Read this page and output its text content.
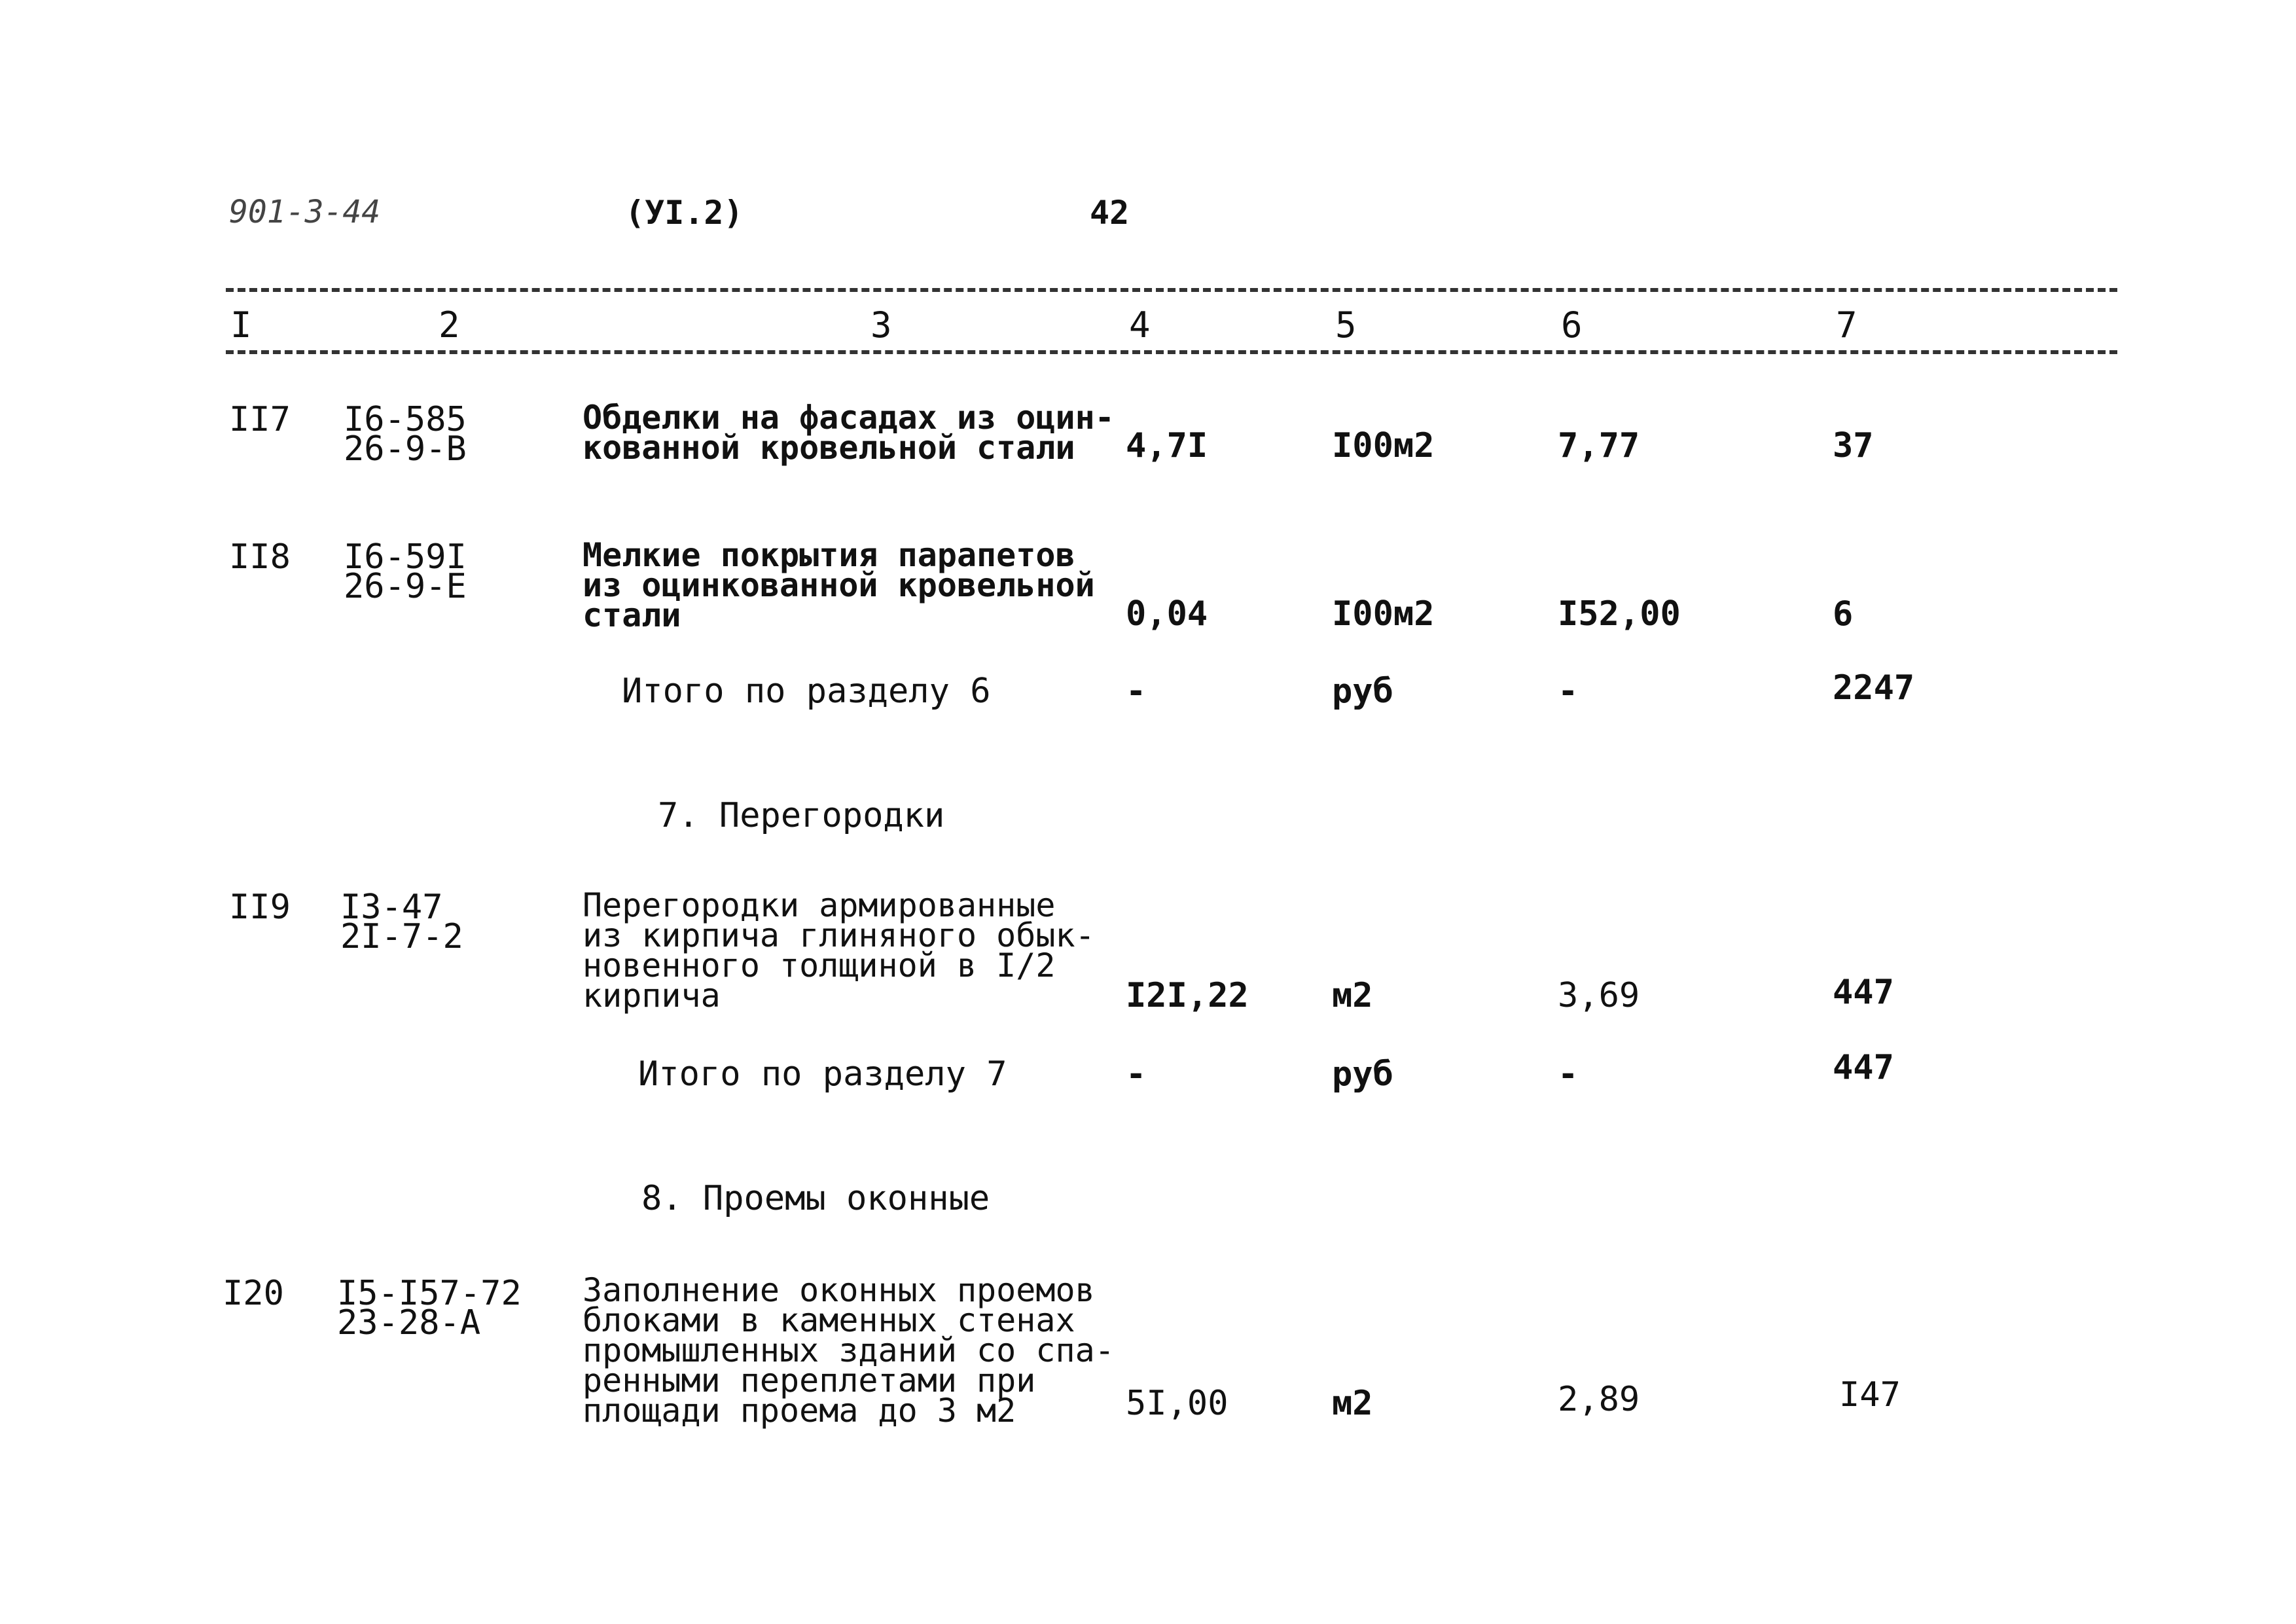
901-3-44	(УI.2)	42
I	2	3	4	5	6	7
II7 I6-585
26-9-В
Обделки на фасадах из оцин-
кованной кровельной стали 4,7I	I00м2	7,77	37
II8 I6-59I
26-9-Е
Мелкие покрытия парапетов
из оцинкованной кровельной
стали	0,04	I00м2	I52,00	6
Итого по разделу 6	-	руб	-	2247
7. Перегородки
II9 I3-47
2I-7-2
Перегородки армированные
из кирпича глиняного обык-
новенного толщиной в I/2
кирпича	I2I,22 м2	3,69	447
Итого по разделу 7	-	руб	-	447
8. Проемы оконные
I20 I5-I57-72
23-28-А
Заполнение оконных проемов
блоками в каменных стенах
промышленных зданий со спа-
ренными переплетами при
площади проема до 3 м2	5I,00	м2	2,89	I47
